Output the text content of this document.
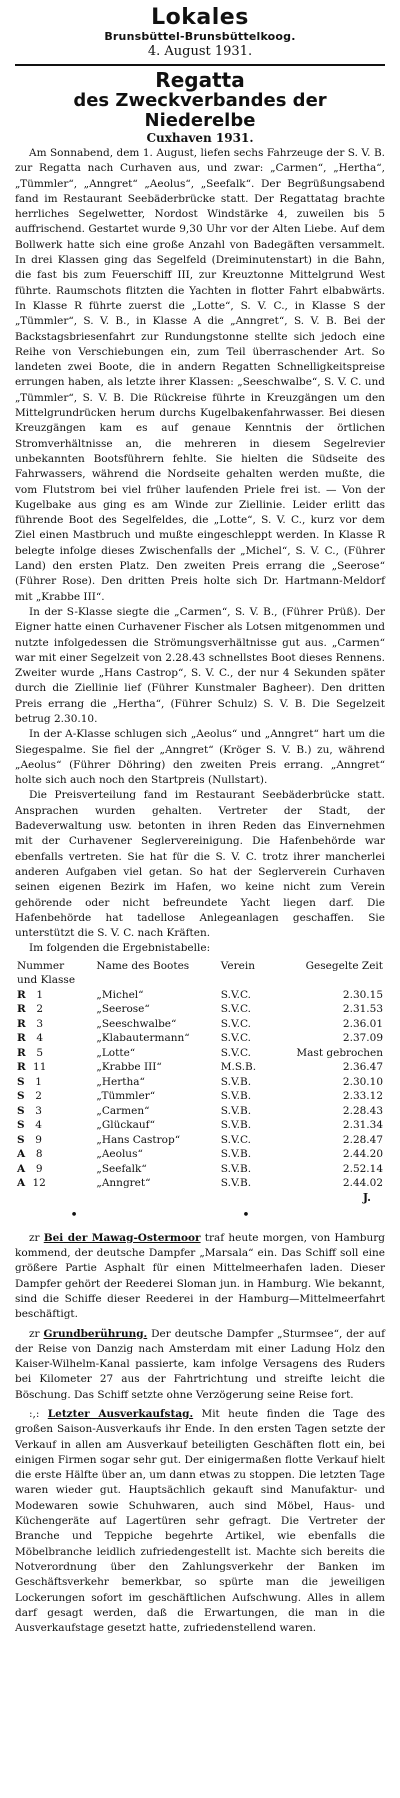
Lokales
Brunsbüttel-Brunsbüttelkoog.
4. August 1931.
Regatta
des Zweckverbandes der Niederelbe
Cuxhaven 1931.

Am Sonnabend, dem 1. August, liefen sechs Fahrzeuge der S. V. B. zur Regatta nach Curhaven aus, und zwar: „Carmen“, „Hertha“, „Tümmler“, „Anngret“ „Aeolus“, „Seefalk“. Der Begrüßungsabend fand im Restaurant Seebäderbrücke statt. Der Regattatag brachte herrliches Segelwetter, Nordost Windstärke 4, zuweilen bis 5 auffrischend. Gestartet wurde 9,30 Uhr vor der Alten Liebe. Auf dem Bollwerk hatte sich eine große Anzahl von Badegäften versammelt. In drei Klassen ging das Segelfeld (Dreiminutenstart) in die Bahn, die fast bis zum Feuerschiff III, zur Kreuztonne Mittelgrund West führte. Raumschots flitzten die Yachten in flotter Fahrt elbabwärts. In Klasse R führte zuerst die „Lotte“, S. V. C., in Klasse S der „Tümmler“, S. V. B., in Klasse A die „Anngret“, S. V. B. Bei der Backstagsbriesenfahrt zur Rundungstonne stellte sich jedoch eine Reihe von Verschiebungen ein, zum Teil überraschender Art. So landeten zwei Boote, die in andern Regatten Schnelligkeitspreise errungen haben, als letzte ihrer Klassen: „Seeschwalbe“, S. V. C. und „Tümmler“, S. V. B. Die Rückreise führte in Kreuzgängen um den Mittelgrundrücken herum durchs Kugelbakenfahrwasser. Bei diesen Kreuzgängen kam es auf genaue Kenntnis der örtlichen Stromverhältnisse an, die mehreren in diesem Segelrevier unbekannten Bootsführern fehlte. Sie hielten die Südseite des Fahrwassers, während die Nordseite gehalten werden mußte, die vom Flutstrom bei viel früher laufenden Priele frei ist. — Von der Kugelbake aus ging es am Winde zur Ziellinie. Leider erlitt das führende Boot des Segelfeldes, die „Lotte“, S. V. C., kurz vor dem Ziel einen Mastbruch und mußte eingeschleppt werden. In Klasse R belegte infolge dieses Zwischenfalls der „Michel“, S. V. C., (Führer Land) den ersten Platz. Den zweiten Preis errang die „Seerose“ (Führer Rose). Den dritten Preis holte sich Dr. Hartmann-Meldorf mit „Krabbe III“.

In der S-Klasse siegte die „Carmen“, S. V. B., (Führer Prüß). Der Eigner hatte einen Curhavener Fischer als Lotsen mitgenommen und nutzte infolgedessen die Strömungsverhältnisse gut aus. „Carmen“ war mit einer Segelzeit von 2.28.43 schnellstes Boot dieses Rennens. Zweiter wurde „Hans Castrop“, S. V. C., der nur 4 Sekunden später durch die Ziellinie lief (Führer Kunstmaler Bagheer). Den dritten Preis errang die „Hertha“, (Führer Schulz) S. V. B. Die Segelzeit betrug 2.30.10.

In der A-Klasse schlugen sich „Aeolus“ und „Anngret“ hart um die Siegespalme. Sie fiel der „Anngret“ (Kröger S. V. B.) zu, während „Aeolus“ (Führer Döhring) den zweiten Preis errang. „Anngret“ holte sich auch noch den Startpreis (Nullstart).

Die Preisverteilung fand im Restaurant Seebäderbrücke statt. Ansprachen wurden gehalten. Vertreter der Stadt, der Badeverwaltung usw. betonten in ihren Reden das Einvernehmen mit der Curhavener Seglervereinigung. Die Hafenbehörde war ebenfalls vertreten. Sie hat für die S. V. C. trotz ihrer mancherlei anderen Aufgaben viel getan. So hat der Seglerverein Curhaven seinen eigenen Bezirk im Hafen, wo keine nicht zum Verein gehörende oder nicht befreundete Yacht liegen darf. Die Hafenbehörde hat tadellose Anlegeanlagen geschaffen. Sie unterstützt die S. V. C. nach Kräften.

Im folgenden die Ergebnistabelle:

Nummer	Name des Bootes	Verein	Gesegelte Zeit
und Klasse			
R 1	„Michel“	S.V.C.	2.30.15
R 2	„Seerose“	S.V.C.	2.31.53
R 3	„Seeschwalbe“	S.V.C.	2.36.01
R 4	„Klabautermann“	S.V.C.	2.37.09
R 5	„Lotte“	S.V.C.	Mast gebrochen
R 11	„Krabbe III“	M.S.B.	2.36.47
S 1	„Hertha“	S.V.B.	2.30.10
S 2	„Tümmler“	S.V.B.	2.33.12
S 3	„Carmen“	S.V.B.	2.28.43
S 4	„Glückauf“	S.V.B.	2.31.34
S 9	„Hans Castrop“	S.V.C.	2.28.47
A 8	„Aeolus“	S.V.B.	2.44.20
A 9	„Seefalk“	S.V.B.	2.52.14
A 12	„Anngret“	S.V.B.	2.44.02
J.
• •

zr Bei der Mawag-Ostermoor traf heute morgen, von Hamburg kommend, der deutsche Dampfer „Marsala“ ein. Das Schiff soll eine größere Partie Asphalt für einen Mittelmeerhafen laden. Dieser Dampfer gehört der Reederei Sloman jun. in Hamburg. Wie bekannt, sind die Schiffe dieser Reederei in der Hamburg—Mittelmeerfahrt beschäftigt.

zr Grundberührung. Der deutsche Dampfer „Sturmsee“, der auf der Reise von Danzig nach Amsterdam mit einer Ladung Holz den Kaiser-Wilhelm-Kanal passierte, kam infolge Versagens des Ruders bei Kilometer 27 aus der Fahrtrichtung und streifte leicht die Böschung. Das Schiff setzte ohne Verzögerung seine Reise fort.

:,: Letzter Ausverkaufstag. Mit heute finden die Tage des großen Saison-Ausverkaufs ihr Ende. In den ersten Tagen setzte der Verkauf in allen am Ausverkauf beteiligten Geschäften flott ein, bei einigen Firmen sogar sehr gut. Der einigermaßen flotte Verkauf hielt die erste Hälfte über an, um dann etwas zu stoppen. Die letzten Tage waren wieder gut. Hauptsächlich gekauft sind Manufaktur- und Modewaren sowie Schuhwaren, auch sind Möbel, Haus- und Küchengeräte auf Lagertüren sehr gefragt. Die Vertreter der Branche und Teppiche begehrte Artikel, wie ebenfalls die Möbelbranche leidlich zufriedengestellt ist. Machte sich bereits die Notverordnung über den Zahlungsverkehr der Banken im Geschäftsverkehr bemerkbar, so spürte man die jeweiligen Lockerungen sofort im geschäftlichen Aufschwung. Alles in allem darf gesagt werden, daß die Erwartungen, die man in die Ausverkaufstage gesetzt hatte, zufriedenstellend waren.
